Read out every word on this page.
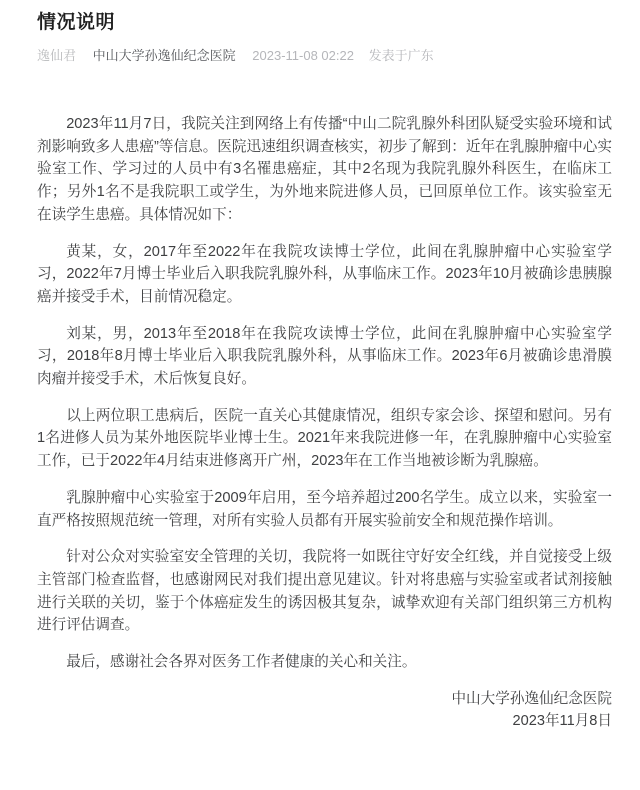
情况说明
逸仙君 中山大学孙逸仙纪念医院 2023-11-08 02:22 发表于广东

2023年11月7日，我院关注到网络上有传播“中山二院乳腺外科团队疑受实验环境和试剂影响致多人患癌”等信息。医院迅速组织调查核实，初步了解到：近年在乳腺肿瘤中心实验室工作、学习过的人员中有3名罹患癌症，其中2名现为我院乳腺外科医生，在临床工作；另外1名不是我院职工或学生，为外地来院进修人员，已回原单位工作。该实验室无在读学生患癌。具体情况如下：

黄某，女，2017年至2022年在我院攻读博士学位，此间在乳腺肿瘤中心实验室学习，2022年7月博士毕业后入职我院乳腺外科，从事临床工作。2023年10月被确诊患胰腺癌并接受手术，目前情况稳定。

刘某，男，2013年至2018年在我院攻读博士学位，此间在乳腺肿瘤中心实验室学习，2018年8月博士毕业后入职我院乳腺外科，从事临床工作。2023年6月被确诊患滑膜肉瘤并接受手术，术后恢复良好。

以上两位职工患病后，医院一直关心其健康情况，组织专家会诊、探望和慰问。另有1名进修人员为某外地医院毕业博士生。2021年来我院进修一年，在乳腺肿瘤中心实验室工作，已于2022年4月结束进修离开广州，2023年在工作当地被诊断为乳腺癌。

乳腺肿瘤中心实验室于2009年启用，至今培养超过200名学生。成立以来，实验室一直严格按照规范统一管理，对所有实验人员都有开展实验前安全和规范操作培训。

针对公众对实验室安全管理的关切，我院将一如既往守好安全红线，并自觉接受上级主管部门检查监督，也感谢网民对我们提出意见建议。针对将患癌与实验室或者试剂接触进行关联的关切，鉴于个体癌症发生的诱因极其复杂，诚挚欢迎有关部门组织第三方机构进行评估调查。

最后，感谢社会各界对医务工作者健康的关心和关注。

中山大学孙逸仙纪念医院
2023年11月8日
